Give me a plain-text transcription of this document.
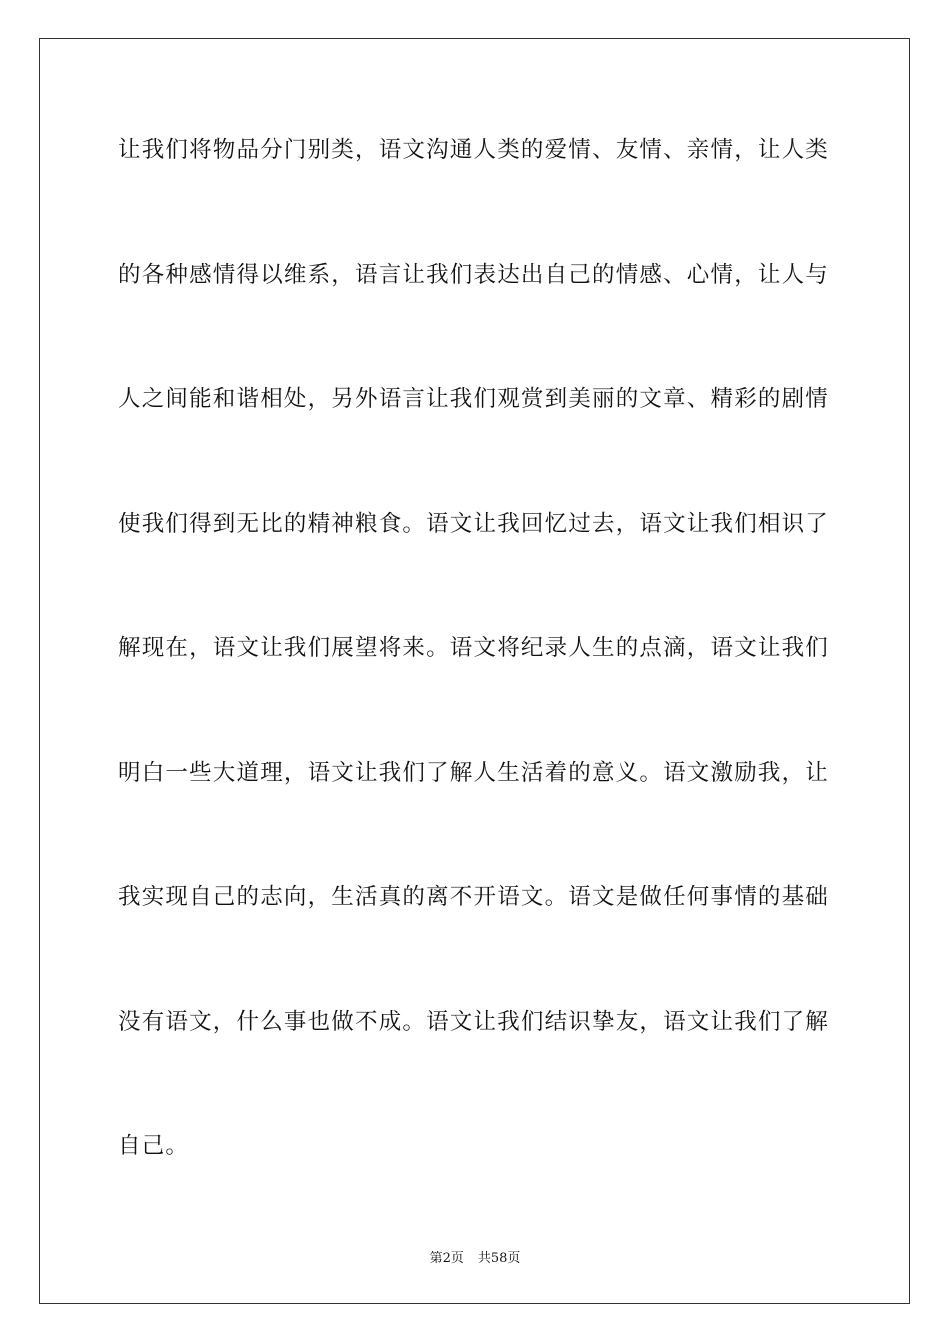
让我们将物品分门别类，语文沟通人类的爱情、友情、亲情，让人类
的各种感情得以维系，语言让我们表达出自己的情感、心情，让人与
人之间能和谐相处，另外语言让我们观赏到美丽的文章、精彩的剧情
使我们得到无比的精神粮食。语文让我回忆过去，语文让我们相识了
解现在，语文让我们展望将来。语文将纪录人生的点滴，语文让我们
明白一些大道理，语文让我们了解人生活着的意义。语文激励我，让
我实现自己的志向，生活真的离不开语文。语文是做任何事情的基础
没有语文，什么事也做不成。语文让我们结识挚友，语文让我们了解
自己。
第2页 共58页
